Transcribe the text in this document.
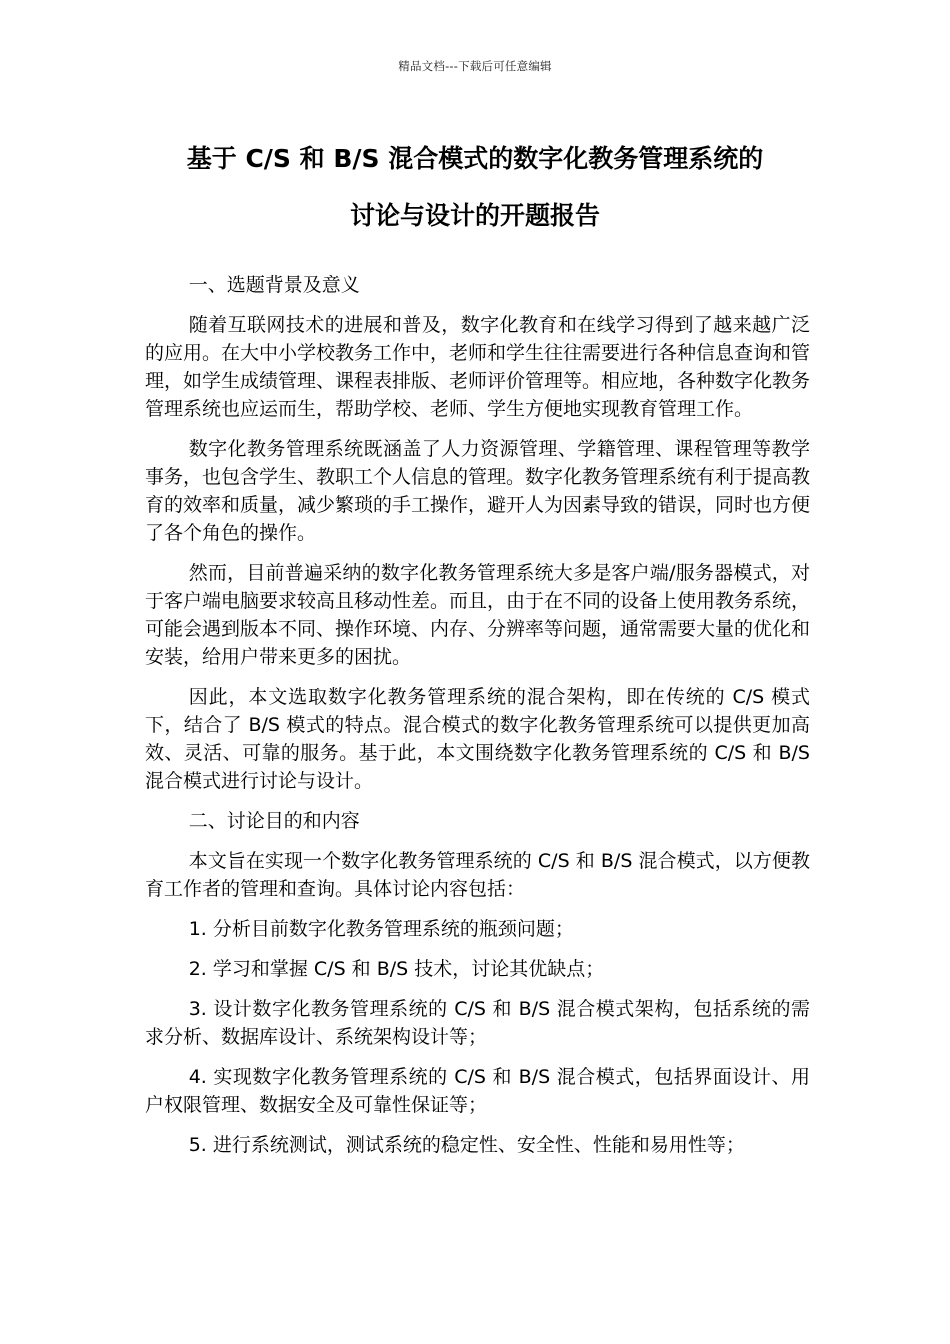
精品文档---下载后可任意编辑
基于 C/S 和 B/S 混合模式的数字化教务管理系统的
讨论与设计的开题报告

一、选题背景及意义

随着互联网技术的进展和普及，数字化教育和在线学习得到了越来越广泛的应用。在大中小学校教务工作中，老师和学生往往需要进行各种信息查询和管理，如学生成绩管理、课程表排版、老师评价管理等。相应地，各种数字化教务管理系统也应运而生，帮助学校、老师、学生方便地实现教育管理工作。

数字化教务管理系统既涵盖了人力资源管理、学籍管理、课程管理等教学事务，也包含学生、教职工个人信息的管理。数字化教务管理系统有利于提高教育的效率和质量，减少繁琐的手工操作，避开人为因素导致的错误，同时也方便了各个角色的操作。

然而，目前普遍采纳的数字化教务管理系统大多是客户端/服务器模式，对于客户端电脑要求较高且移动性差。而且，由于在不同的设备上使用教务系统，可能会遇到版本不同、操作环境、内存、分辨率等问题，通常需要大量的优化和安装，给用户带来更多的困扰。

因此，本文选取数字化教务管理系统的混合架构，即在传统的 C/S 模式下，结合了 B/S 模式的特点。混合模式的数字化教务管理系统可以提供更加高效、灵活、可靠的服务。基于此，本文围绕数字化教务管理系统的 C/S 和 B/S 混合模式进行讨论与设计。

二、讨论目的和内容

本文旨在实现一个数字化教务管理系统的 C/S 和 B/S 混合模式，以方便教育工作者的管理和查询。具体讨论内容包括：

1. 分析目前数字化教务管理系统的瓶颈问题；

2. 学习和掌握 C/S 和 B/S 技术，讨论其优缺点；

3. 设计数字化教务管理系统的 C/S 和 B/S 混合模式架构，包括系统的需求分析、数据库设计、系统架构设计等；

4. 实现数字化教务管理系统的 C/S 和 B/S 混合模式，包括界面设计、用户权限管理、数据安全及可靠性保证等；

5. 进行系统测试，测试系统的稳定性、安全性、性能和易用性等；
